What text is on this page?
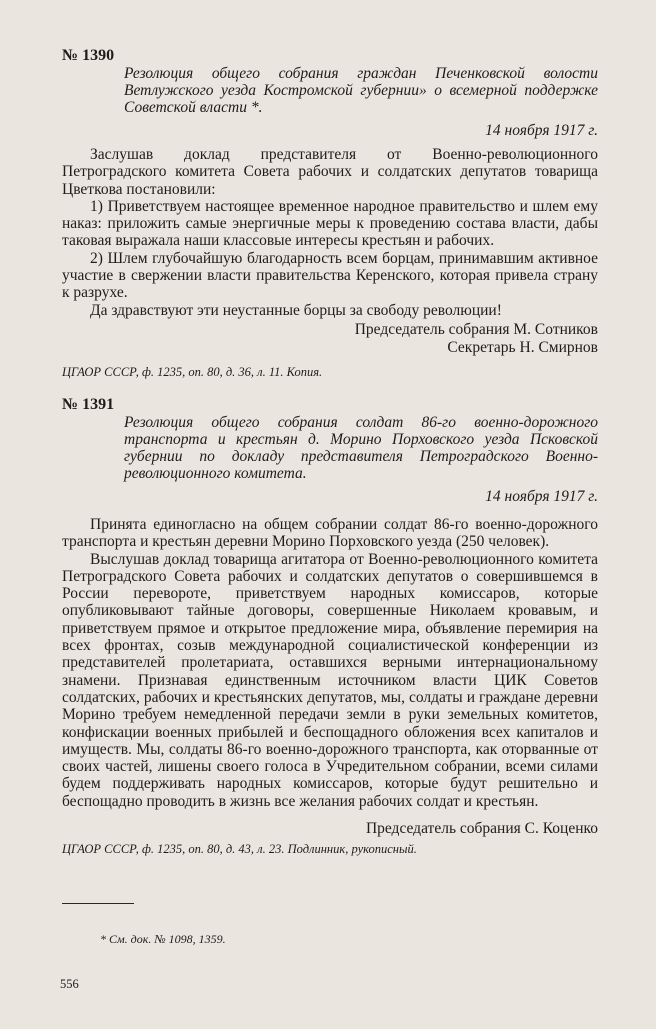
№ 1390
Резолюция общего собрания граждан Печенковской волости Ветлужского уезда Костромской губернии» о всемерной поддержке Советской власти *.
14 ноября 1917 г.
Заслушав доклад представителя от Военно-революционного Петроградского комитета Совета рабочих и солдатских депутатов товарища Цветкова постановили:
1) Приветствуем настоящее временное народное правительство и шлем ему наказ: приложить самые энергичные меры к проведению состава власти, дабы таковая выражала наши классовые интересы крестьян и рабочих.
2) Шлем глубочайшую благодарность всем борцам, принимавшим активное участие в свержении власти правительства Керенского, которая привела страну к разрухе.
Да здравствуют эти неустанные борцы за свободу революции!
Председатель собрания М. Сотников
Секретарь Н. Смирнов
ЦГАОР СССР, ф. 1235, оп. 80, д. 36, л. 11. Копия.
№ 1391
Резолюция общего собрания солдат 86-го военно-дорожного транспорта и крестьян д. Морино Порховского уезда Псковской губернии по докладу представителя Петроградского Военно-революционного комитета.
14 ноября 1917 г.
Принята единогласно на общем собрании солдат 86-го военно-дорожного транспорта и крестьян деревни Морино Порховского уезда (250 человек).
Выслушав доклад товарища агитатора от Военно-революционного комитета Петроградского Совета рабочих и солдатских депутатов о совершившемся в России перевороте, приветствуем народных комиссаров, которые опубликовывают тайные договоры, совершенные Николаем кровавым, и приветствуем прямое и открытое предложение мира, объявление перемирия на всех фронтах, созыв международной социалистической конференции из представителей пролетариата, оставшихся верными интернациональному знамени. Признавая единственным источником власти ЦИК Советов солдатских, рабочих и крестьянских депутатов, мы, солдаты и граждане деревни Морино требуем немедленной передачи земли в руки земельных комитетов, конфискации военных прибылей и беспощадного обложения всех капиталов и имуществ. Мы, солдаты 86-го военно-дорожного транспорта, как оторванные от своих частей, лишены своего голоса в Учредительном собрании, всеми силами будем поддерживать народных комиссаров, которые будут решительно и беспощадно проводить в жизнь все желания рабочих солдат и крестьян.
Председатель собрания С. Коценко
ЦГАОР СССР, ф. 1235, оп. 80, д. 43, л. 23. Подлинник, рукописный.
* См. док. № 1098, 1359.
556
